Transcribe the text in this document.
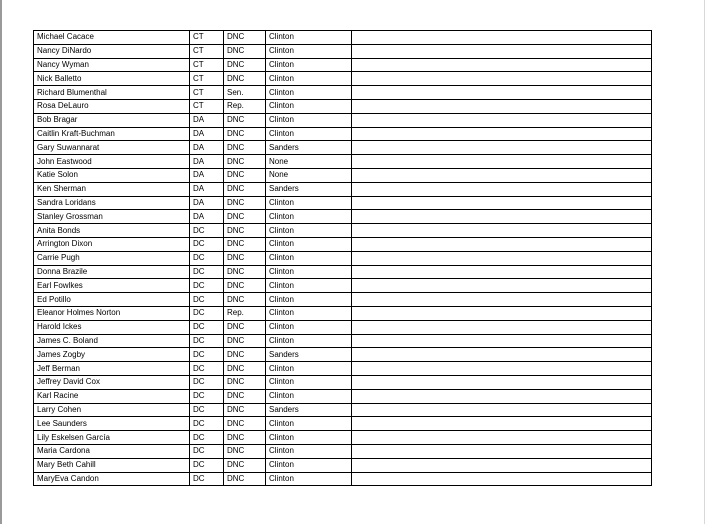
Michael Cacace	CT	DNC	Clinton	
Nancy DiNardo	CT	DNC	Clinton	
Nancy Wyman	CT	DNC	Clinton	
Nick Balletto	CT	DNC	Clinton	
Richard Blumenthal	CT	Sen.	Clinton	
Rosa DeLauro	CT	Rep.	Clinton	
Bob Bragar	DA	DNC	Clinton	
Caitlin Kraft-Buchman	DA	DNC	Clinton	
Gary Suwannarat	DA	DNC	Sanders	
John Eastwood	DA	DNC	None	
Katie Solon	DA	DNC	None	
Ken Sherman	DA	DNC	Sanders	
Sandra Loridans	DA	DNC	Clinton	
Stanley Grossman	DA	DNC	Clinton	
Anita Bonds	DC	DNC	Clinton	
Arrington Dixon	DC	DNC	Clinton	
Carrie Pugh	DC	DNC	Clinton	
Donna Brazile	DC	DNC	Clinton	
Earl Fowlkes	DC	DNC	Clinton	
Ed Potillo	DC	DNC	Clinton	
Eleanor Holmes Norton	DC	Rep.	Clinton	
Harold Ickes	DC	DNC	Clinton	
James C. Boland	DC	DNC	Clinton	
James Zogby	DC	DNC	Sanders	
Jeff Berman	DC	DNC	Clinton	
Jeffrey David Cox	DC	DNC	Clinton	
Karl Racine	DC	DNC	Clinton	
Larry Cohen	DC	DNC	Sanders	
Lee Saunders	DC	DNC	Clinton	
Lily Eskelsen García	DC	DNC	Clinton	
Maria Cardona	DC	DNC	Clinton	
Mary Beth Cahill	DC	DNC	Clinton	
MaryEva Candon	DC	DNC	Clinton	
